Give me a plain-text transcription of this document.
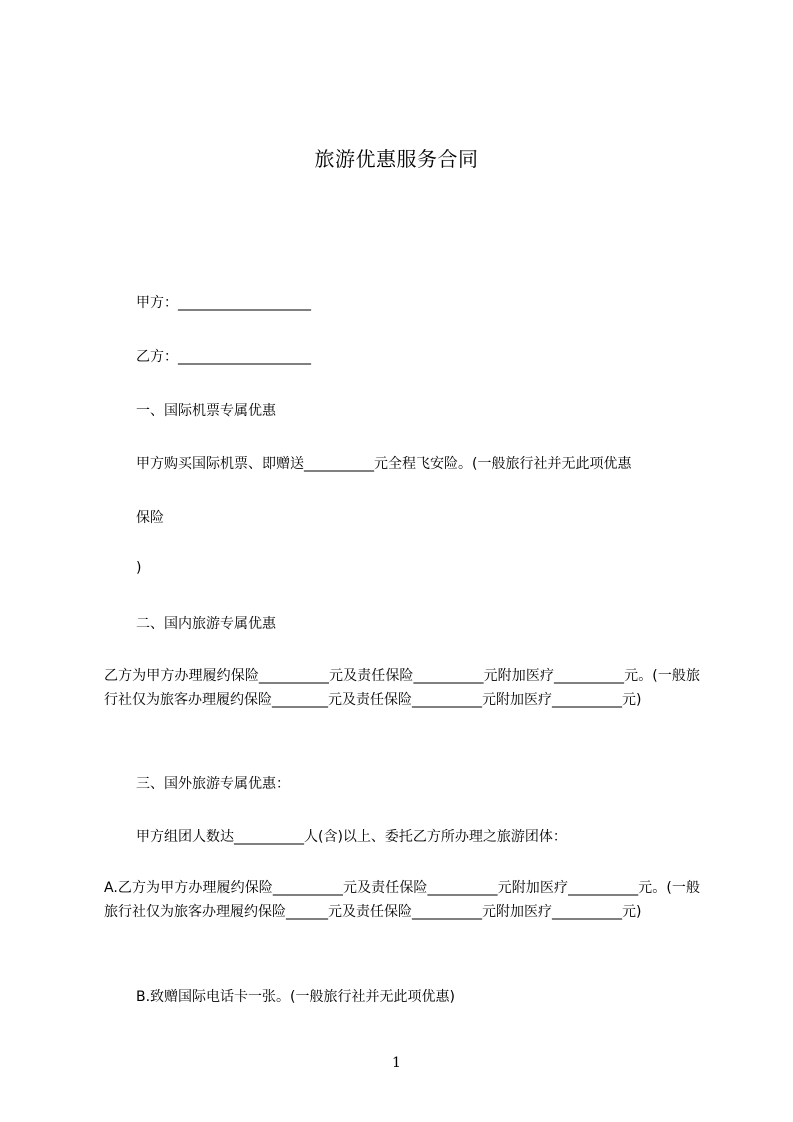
旅游优惠服务合同
甲方：___________________
乙方：___________________
一、国际机票专属优惠
甲方购买国际机票、即赠送__________元全程飞安险。(一般旅行社并无此项优惠
保险
)
二、国内旅游专属优惠
乙方为甲方办理履约保险__________元及责任保险__________元附加医疗__________元。(一般旅行社仅为旅客办理履约保险________元及责任保险__________元附加医疗__________元)
三、国外旅游专属优惠：
甲方组团人数达__________人(含)以上、委托乙方所办理之旅游团体：
A.乙方为甲方办理履约保险__________元及责任保险__________元附加医疗__________元。(一般旅行社仅为旅客办理履约保险______元及责任保险__________元附加医疗__________元)
B.致赠国际电话卡一张。(一般旅行社并无此项优惠)
1
